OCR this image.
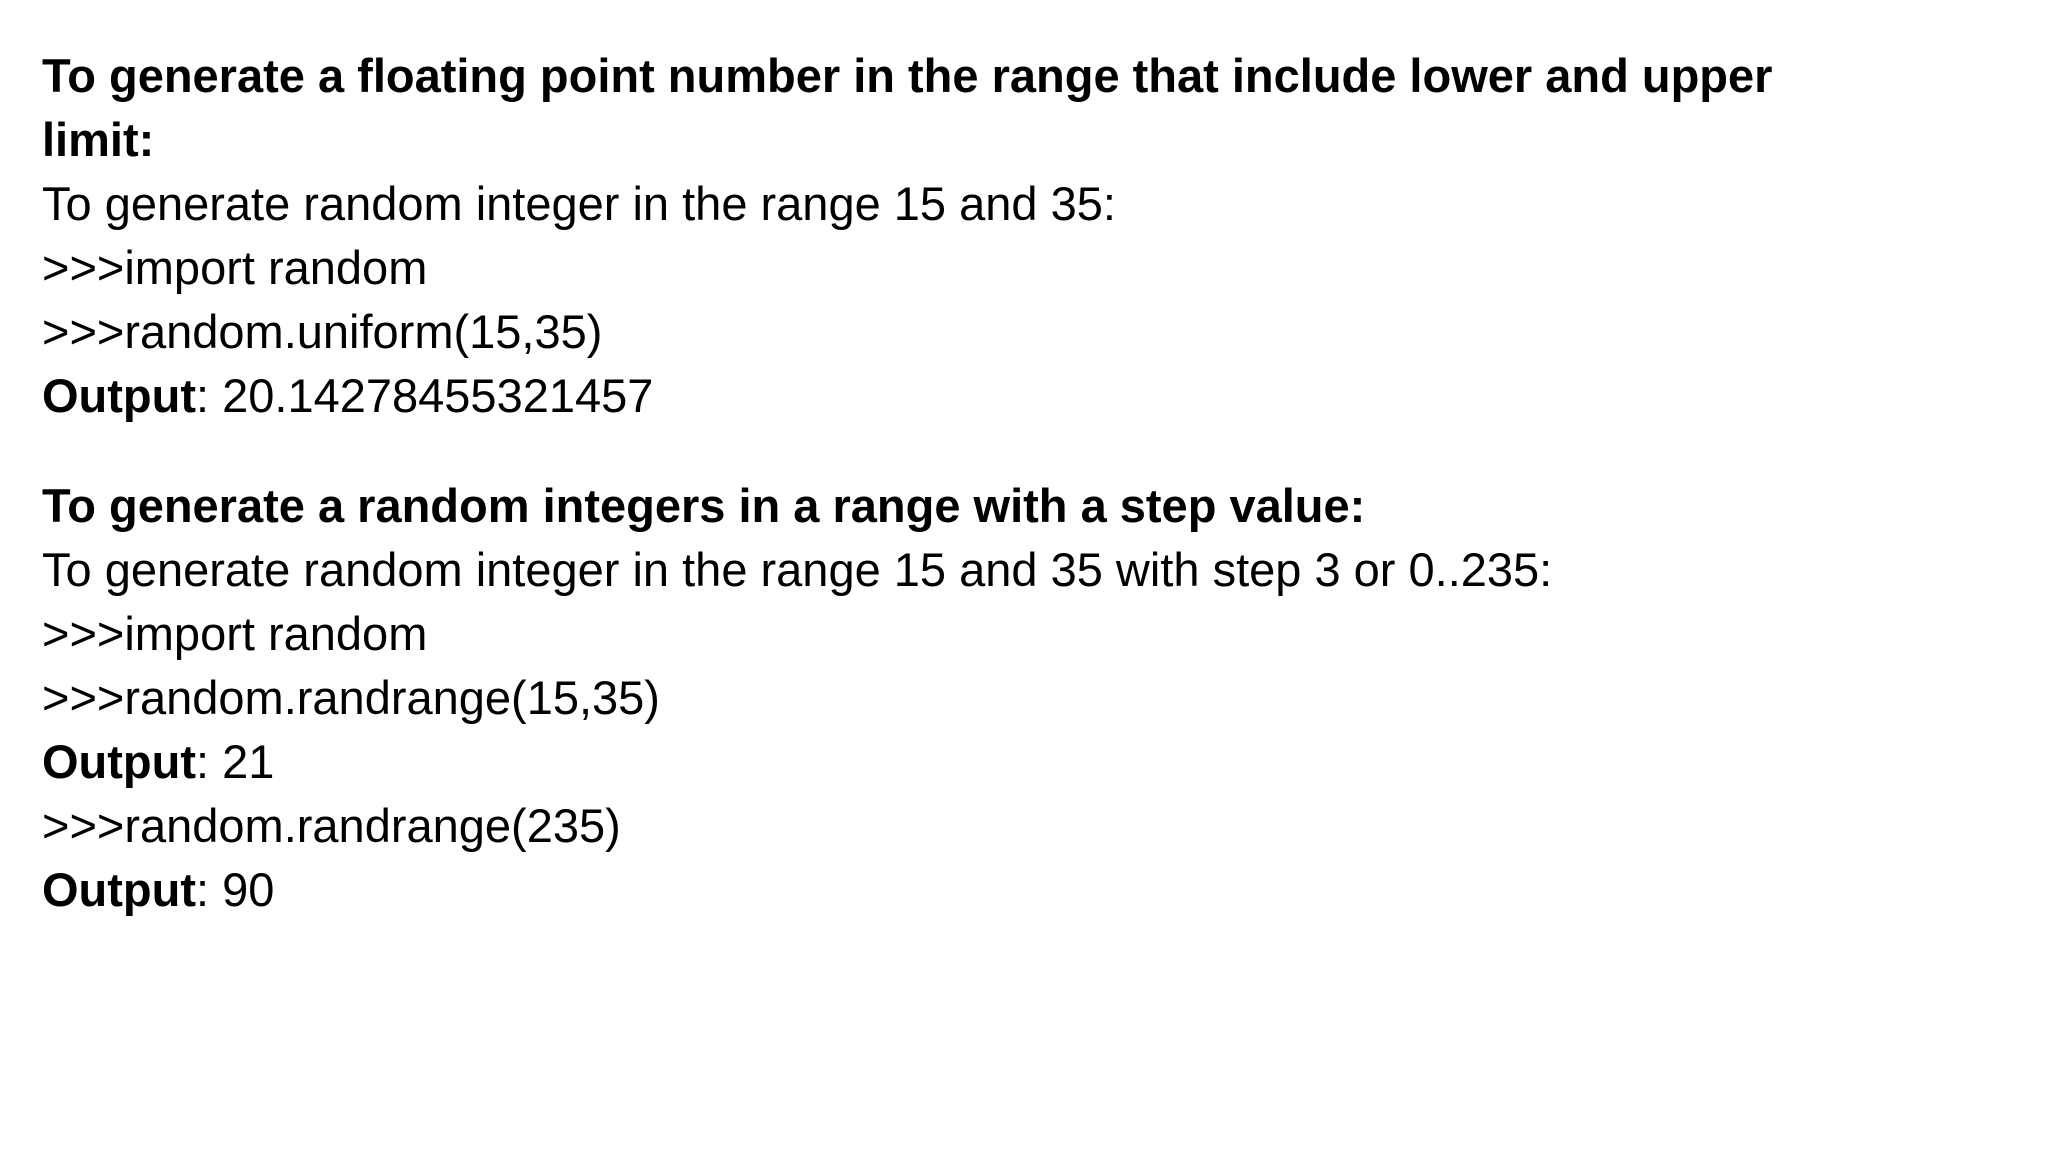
To generate a floating point number in the range that include lower and upper limit:
To generate random integer in the range 15 and 35:
>>>import random
>>>random.uniform(15,35)
Output: 20.14278455321457
To generate a random integers in a range with a step value:
To generate random integer in the range 15 and 35 with step 3 or 0..235:
>>>import random
>>>random.randrange(15,35)
Output: 21
>>>random.randrange(235)
Output: 90
